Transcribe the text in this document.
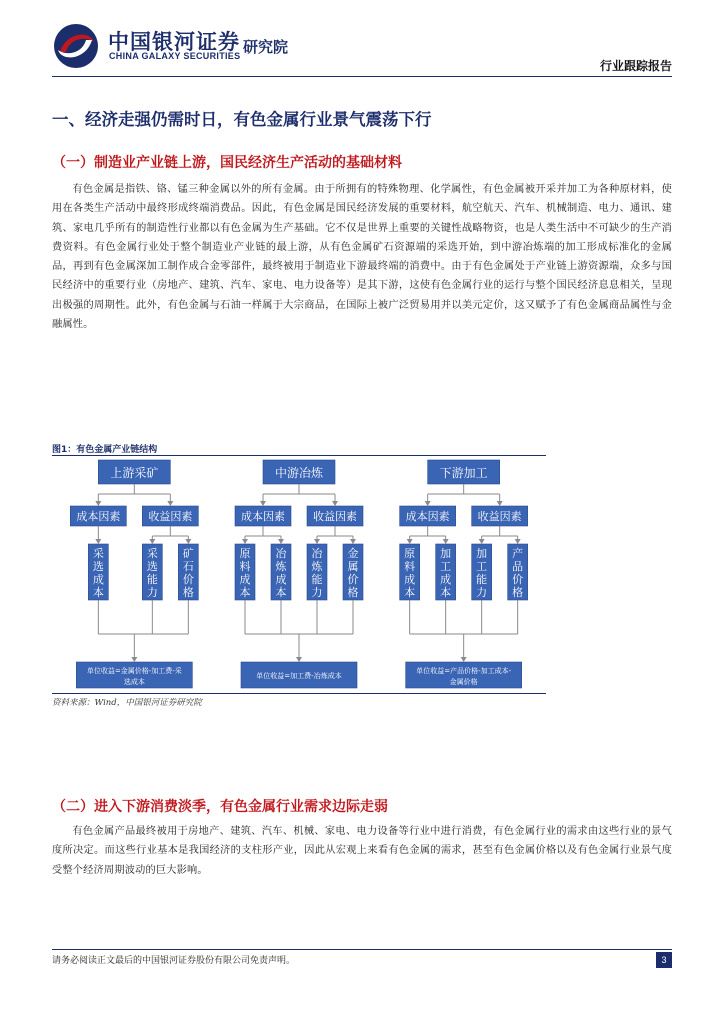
中国银河证券
CHINA GALAXY SECURITIES 研究院
行业跟踪报告
一、经济走强仍需时日，有色金属行业景气震荡下行
（一）制造业产业链上游，国民经济生产活动的基础材料

有色金属是指铁、铬、锰三种金属以外的所有金属。由于所拥有的特殊物理、化学属性，有色金属被开采并加工为各种原材料，使用在各类生产活动中最终形成终端消费品。因此，有色金属是国民经济发展的重要材料，航空航天、汽车、机械制造、电力、通讯、建筑、家电几乎所有的制造性行业都以有色金属为生产基础。它不仅是世界上重要的关键性战略物资，也是人类生活中不可缺少的生产消费资料。有色金属行业处于整个制造业产业链的最上游，从有色金属矿石资源端的采选开始，到中游冶炼端的加工形成标准化的金属品，再到有色金属深加工制作成合金零部件，最终被用于制造业下游最终端的消费中。由于有色金属处于产业链上游资源端，众多与国民经济中的重要行业（房地产、建筑、汽车、家电、电力设备等）是其下游，这使有色金属行业的运行与整个国民经济息息相关，呈现出极强的周期性。此外，有色金属与石油一样属于大宗商品，在国际上被广泛贸易用并以美元定价，这又赋予了有色金属商品属性与金融属性。

图1：有色金属产业链结构
上游采矿
成本因素	收益因素
采
选
成
本
采
选
能
力
矿
石
价
格
单位收益=金属价格-加工费-采
选成本
中游冶炼
成本因素	收益因素
原
料
成
本
冶
炼
成
本
冶
炼
能
力
金
属
价
格
单位收益=加工费-冶炼成本
下游加工
成本因素	收益因素
原
料
成
本
加
工
成
本
加
工
能
力
产
品
价
格
单位收益=产品价格-加工成本-
金属价格
资料来源：Wind，中国银河证券研究院
（二）进入下游消费淡季，有色金属行业需求边际走弱

有色金属产品最终被用于房地产、建筑、汽车、机械、家电、电力设备等行业中进行消费，有色金属行业的需求由这些行业的景气度所决定。而这些行业基本是我国经济的支柱形产业，因此从宏观上来看有色金属的需求，甚至有色金属价格以及有色金属行业景气度受整个经济周期波动的巨大影响。

请务必阅读正文最后的中国银河证券股份有限公司免责声明。	3
